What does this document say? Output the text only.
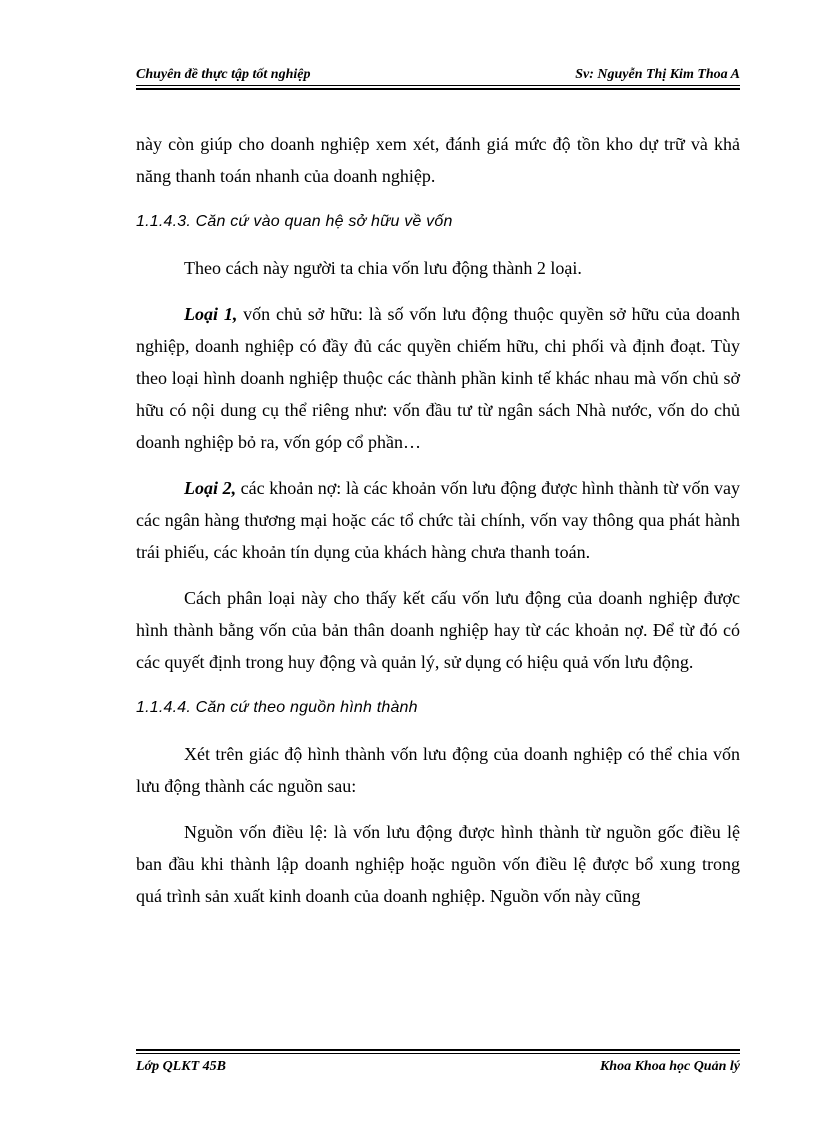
Chuyên đề thực tập tốt nghiệp	Sv: Nguyễn Thị Kim Thoa A

này còn giúp cho doanh nghiệp xem xét, đánh giá mức độ tồn kho dự trữ và khả năng thanh toán nhanh của doanh nghiệp.

1.1.4.3. Căn cứ vào quan hệ sở hữu về vốn

Theo cách này người ta chia vốn lưu động thành 2 loại.

Loại 1, vốn chủ sở hữu: là số vốn lưu động thuộc quyền sở hữu của doanh nghiệp, doanh nghiệp có đầy đủ các quyền chiếm hữu, chi phối và định đoạt. Tùy theo loại hình doanh nghiệp thuộc các thành phần kinh tế khác nhau mà vốn chủ sở hữu có nội dung cụ thể riêng như: vốn đầu tư từ ngân sách Nhà nước, vốn do chủ doanh nghiệp bỏ ra, vốn góp cổ phần…

Loại 2, các khoản nợ: là các khoản vốn lưu động được hình thành từ vốn vay các ngân hàng thương mại hoặc các tổ chức tài chính, vốn vay thông qua phát hành trái phiếu, các khoản tín dụng của khách hàng chưa thanh toán.

Cách phân loại này cho thấy kết cấu vốn lưu động của doanh nghiệp được hình thành bằng vốn của bản thân doanh nghiệp hay từ các khoản nợ. Để từ đó có các quyết định trong huy động và quản lý, sử dụng có hiệu quả vốn lưu động.

1.1.4.4. Căn cứ theo nguồn hình thành

Xét trên giác độ hình thành vốn lưu động của doanh nghiệp có thể chia vốn lưu động thành các nguồn sau:

Nguồn vốn điều lệ: là vốn lưu động được hình thành từ nguồn gốc điều lệ ban đầu khi thành lập doanh nghiệp hoặc nguồn vốn điều lệ được bổ xung trong quá trình sản xuất kinh doanh của doanh nghiệp. Nguồn vốn này cũng

Lớp QLKT 45B	Khoa Khoa học Quản lý
